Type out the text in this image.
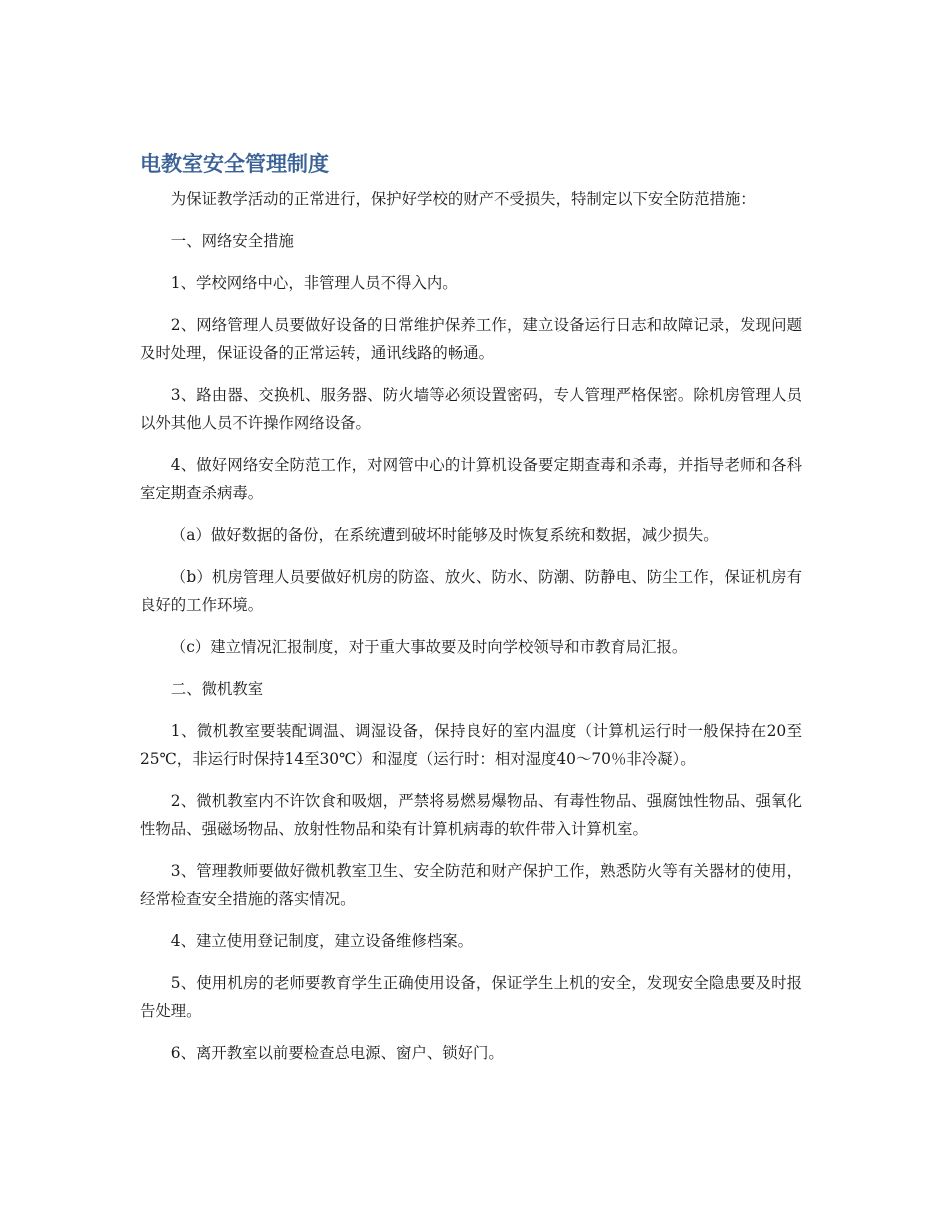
电教室安全管理制度

为保证教学活动的正常进行，保护好学校的财产不受损失，特制定以下安全防范措施：

一、网络安全措施

1、学校网络中心，非管理人员不得入内。

2、网络管理人员要做好设备的日常维护保养工作，建立设备运行日志和故障记录，发现问题及时处理，保证设备的正常运转，通讯线路的畅通。

3、路由器、交换机、服务器、防火墙等必须设置密码，专人管理严格保密。除机房管理人员以外其他人员不许操作网络设备。

4、做好网络安全防范工作，对网管中心的计算机设备要定期查毒和杀毒，并指导老师和各科室定期查杀病毒。

（a）做好数据的备份，在系统遭到破坏时能够及时恢复系统和数据，减少损失。

（b）机房管理人员要做好机房的防盗、放火、防水、防潮、防静电、防尘工作，保证机房有良好的工作环境。

（c）建立情况汇报制度，对于重大事故要及时向学校领导和市教育局汇报。

二、微机教室

1、微机教室要装配调温、调湿设备，保持良好的室内温度（计算机运行时一般保持在20至25℃，非运行时保持14至30℃）和湿度（运行时：相对湿度40～70％非冷凝）。

2、微机教室内不许饮食和吸烟，严禁将易燃易爆物品、有毒性物品、强腐蚀性物品、强氧化性物品、强磁场物品、放射性物品和染有计算机病毒的软件带入计算机室。

3、管理教师要做好微机教室卫生、安全防范和财产保护工作，熟悉防火等有关器材的使用，经常检查安全措施的落实情况。

4、建立使用登记制度，建立设备维修档案。

5、使用机房的老师要教育学生正确使用设备，保证学生上机的安全，发现安全隐患要及时报告处理。

6、离开教室以前要检查总电源、窗户、锁好门。
